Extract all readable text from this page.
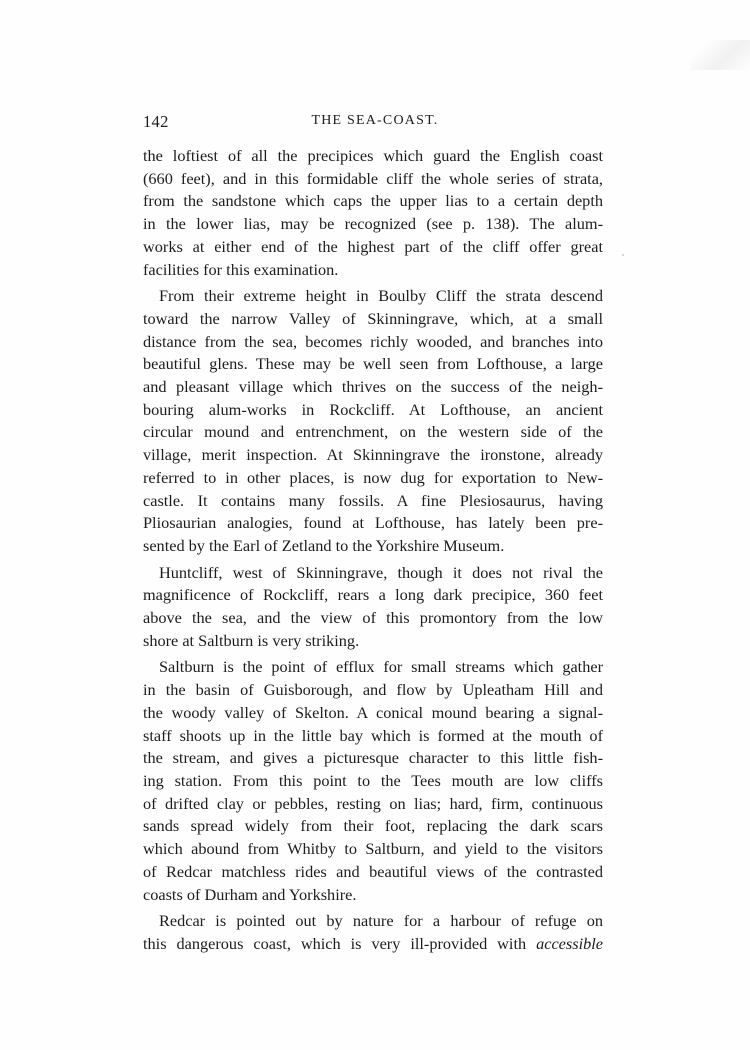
142	THE SEA-COAST.

the loftiest of all the precipices which guard the English coast
(660 feet), and in this formidable cliff the whole series of strata,
from the sandstone which caps the upper lias to a certain depth
in the lower lias, may be recognized (see p. 138). The alum-
works at either end of the highest part of the cliff offer great
facilities for this examination.

From their extreme height in Boulby Cliff the strata descend
toward the narrow Valley of Skinningrave, which, at a small
distance from the sea, becomes richly wooded, and branches into
beautiful glens. These may be well seen from Lofthouse, a large
and pleasant village which thrives on the success of the neigh-
bouring alum-works in Rockcliff. At Lofthouse, an ancient
circular mound and entrenchment, on the western side of the
village, merit inspection. At Skinningrave the ironstone, already
referred to in other places, is now dug for exportation to New-
castle. It contains many fossils. A fine Plesiosaurus, having
Pliosaurian analogies, found at Lofthouse, has lately been pre-
sented by the Earl of Zetland to the Yorkshire Museum.

Huntcliff, west of Skinningrave, though it does not rival the
magnificence of Rockcliff, rears a long dark precipice, 360 feet
above the sea, and the view of this promontory from the low
shore at Saltburn is very striking.

Saltburn is the point of efflux for small streams which gather
in the basin of Guisborough, and flow by Upleatham Hill and
the woody valley of Skelton. A conical mound bearing a signal-
staff shoots up in the little bay which is formed at the mouth of
the stream, and gives a picturesque character to this little fish-
ing station. From this point to the Tees mouth are low cliffs
of drifted clay or pebbles, resting on lias; hard, firm, continuous
sands spread widely from their foot, replacing the dark scars
which abound from Whitby to Saltburn, and yield to the visitors
of Redcar matchless rides and beautiful views of the contrasted
coasts of Durham and Yorkshire.

Redcar is pointed out by nature for a harbour of refuge on
this dangerous coast, which is very ill-provided with accessible
